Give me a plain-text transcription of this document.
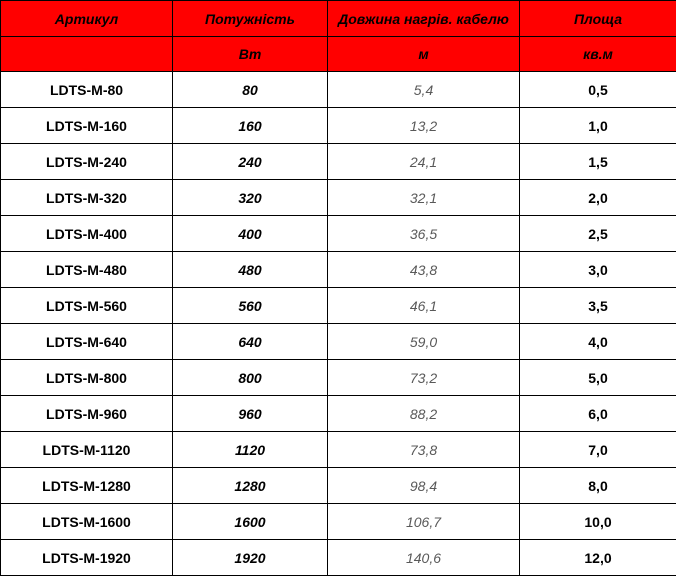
Артикул	Потужність	Довжина нагрів. кабелю	Площа
	Вт	м	кв.м
LDTS-M-80	80	5,4	0,5
LDTS-M-160	160	13,2	1,0
LDTS-M-240	240	24,1	1,5
LDTS-M-320	320	32,1	2,0
LDTS-M-400	400	36,5	2,5
LDTS-M-480	480	43,8	3,0
LDTS-M-560	560	46,1	3,5
LDTS-M-640	640	59,0	4,0
LDTS-M-800	800	73,2	5,0
LDTS-M-960	960	88,2	6,0
LDTS-M-1120	1120	73,8	7,0
LDTS-M-1280	1280	98,4	8,0
LDTS-M-1600	1600	106,7	10,0
LDTS-M-1920	1920	140,6	12,0
